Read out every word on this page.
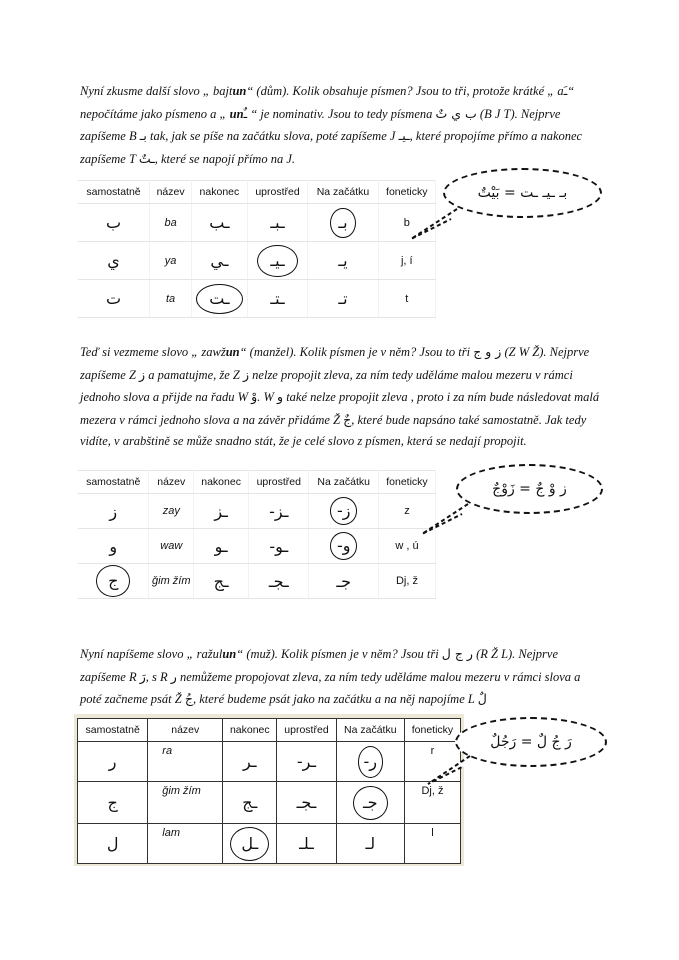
Nyní zkusme další slovo „ bajtun“ (dům). Kolik obsahuje písmen? Jsou to tři, protože krátké „ aـَ“ nepočítáme jako písmeno a „ unـٌ “ je nominativ. Jsou to tedy písmena ب ي تٌ (B J T). Nejprve zapíšeme B بـ tak, jak se píše na začátku slova, poté zapíšeme J ـيـ, které propojíme přímo a nakonec zapíšeme T ـتٌ, které se napojí přímo na J.

samostatně	název	nakonec	uprostřed	Na začátku	foneticky
ب	ba	ـب	ـبـ	بـ	b
ي	ya	ـي	ـيـ	يـ	j, í
ت	ta	ـت	ـتـ	تـ	t
بـ ـيـ ـت = بَيْتٌ

Teď si vezmeme slovo „ zawžun“ (manžel). Kolik písmen je v něm? Jsou to tři ز و ج (Z W Ž). Nejprve zapíšeme Z ز a pamatujme, že Z ز nelze propojit zleva, za ním tedy uděláme malou mezeru v rámci jednoho slova a přijde na řadu W وْ. W و také nelze propojit zleva , proto i za ním bude následovat malá mezera v rámci jednoho slova a na závěr přidáme Ž جٌ, které bude napsáno také samostatně. Jak tedy vidíte, v arabštině se může snadno stát, že je celé slovo z písmen, která se nedají propojit.

samostatně	název	nakonec	uprostřed	Na začátku	foneticky
ز	zay	ـز	ـز-	ز-	z
و	waw	ـو	ـو-	و-	w , ú
ج	ǧim žím	ـج	ـجـ	جـ	Dj, ž
ز وْ جٌ = زَوْجٌ

Nyní napíšeme slovo „ ražulun“ (muž). Kolik písmen je v něm? Jsou tři ر ج ل (R Ž L). Nejprve zapíšeme R رَ, s R ر nemůžeme propojovat zleva, za ním tedy uděláme malou mezeru v rámci slova a poté začneme psát Ž جُ, které budeme psát jako na začátku a na něj napojíme L لٌ

samostatně	název	nakonec	uprostřed	Na začátku	foneticky
ر	ra	ـر	ـر-	ر-	r
ج	ǧim žím	ـج	ـجـ	جـ	Dj, ž
ل	lam	ـل	ـلـ	لـ	l
رَ جُ لٌ = رَجُلٌ
